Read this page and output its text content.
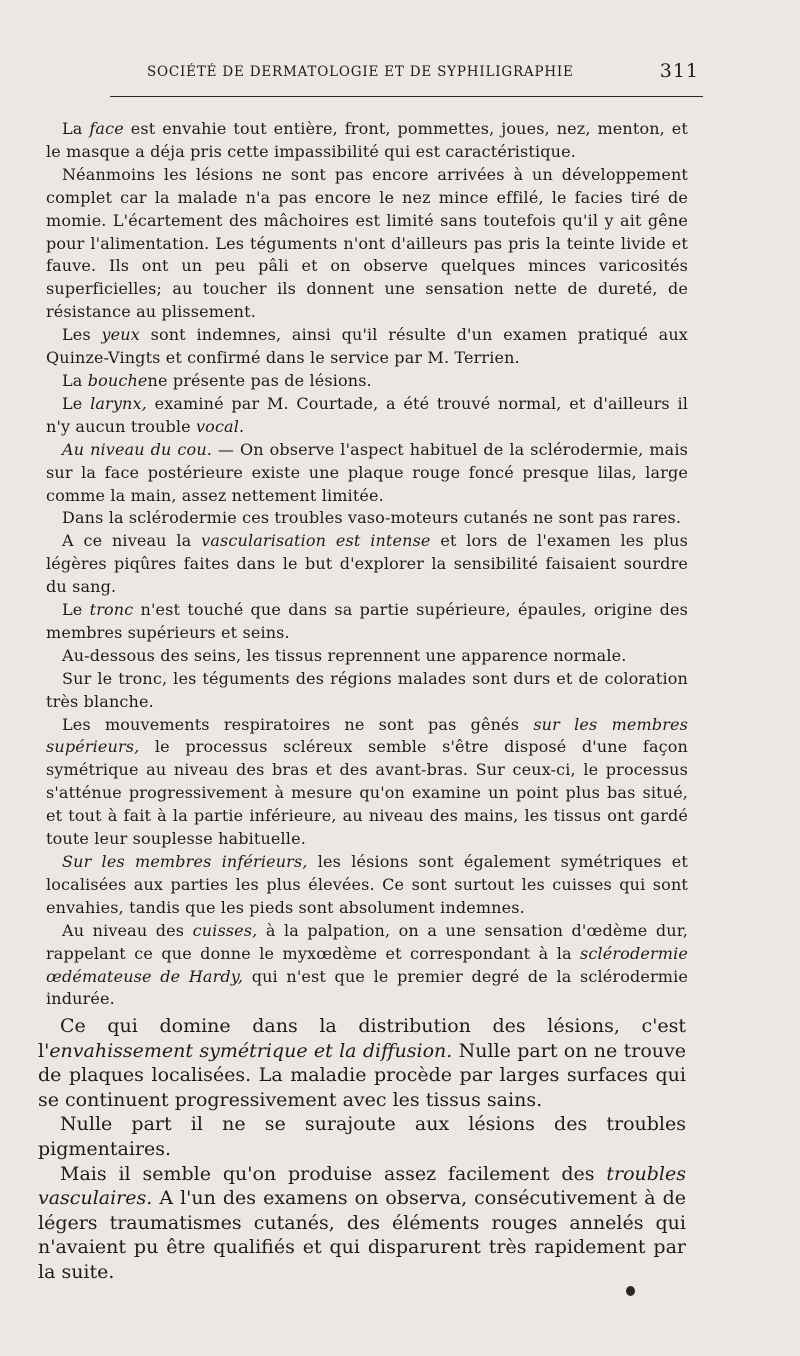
SOCIÉTÉ DE DERMATOLOGIE ET DE SYPHILIGRAPHIE	311

La face est envahie tout entière, front, pommettes, joues, nez, menton, et le masque a déja pris cette impassibilité qui est caractéristique.

Néanmoins les lésions ne sont pas encore arrivées à un développement complet car la malade n'a pas encore le nez mince effilé, le facies tiré de momie. L'écartement des mâchoires est limité sans toutefois qu'il y ait gêne pour l'alimentation. Les téguments n'ont d'ailleurs pas pris la teinte livide et fauve. Ils ont un peu pâli et on observe quelques minces varicosités superficielles; au toucher ils donnent une sensation nette de dureté, de résistance au plissement.

Les yeux sont indemnes, ainsi qu'il résulte d'un examen pratiqué aux Quinze-Vingts et confirmé dans le service par M. Terrien.

La bouchene présente pas de lésions.

Le larynx, examiné par M. Courtade, a été trouvé normal, et d'ailleurs il n'y aucun trouble vocal.

Au niveau du cou. — On observe l'aspect habituel de la sclérodermie, mais sur la face postérieure existe une plaque rouge foncé presque lilas, large comme la main, assez nettement limitée.

Dans la sclérodermie ces troubles vaso-moteurs cutanés ne sont pas rares.

A ce niveau la vascularisation est intense et lors de l'examen les plus légères piqûres faites dans le but d'explorer la sensibilité faisaient sourdre du sang.

Le tronc n'est touché que dans sa partie supérieure, épaules, origine des membres supérieurs et seins.

Au-dessous des seins, les tissus reprennent une apparence normale.

Sur le tronc, les téguments des régions malades sont durs et de coloration très blanche.

Les mouvements respiratoires ne sont pas gênés sur les membres supérieurs, le processus scléreux semble s'être disposé d'une façon symétrique au niveau des bras et des avant-bras. Sur ceux-ci, le processus s'atténue progressivement à mesure qu'on examine un point plus bas situé, et tout à fait à la partie inférieure, au niveau des mains, les tissus ont gardé toute leur souplesse habituelle.

Sur les membres inférieurs, les lésions sont également symétriques et localisées aux parties les plus élevées. Ce sont surtout les cuisses qui sont envahies, tandis que les pieds sont absolument indemnes.

Au niveau des cuisses, à la palpation, on a une sensation d'œdème dur, rappelant ce que donne le myxœdème et correspondant à la sclérodermie œdémateuse de Hardy, qui n'est que le premier degré de la sclérodermie indurée.

Ce qui domine dans la distribution des lésions, c'est l'envahissement symétrique et la diffusion. Nulle part on ne trouve de plaques localisées. La maladie procède par larges surfaces qui se continuent progressivement avec les tissus sains.

Nulle part il ne se surajoute aux lésions des troubles pigmentaires.

Mais il semble qu'on produise assez facilement des troubles vasculaires. A l'un des examens on observa, consécutivement à de légers traumatismes cutanés, des éléments rouges annelés qui n'avaient pu être qualifiés et qui disparurent très rapidement par la suite.
